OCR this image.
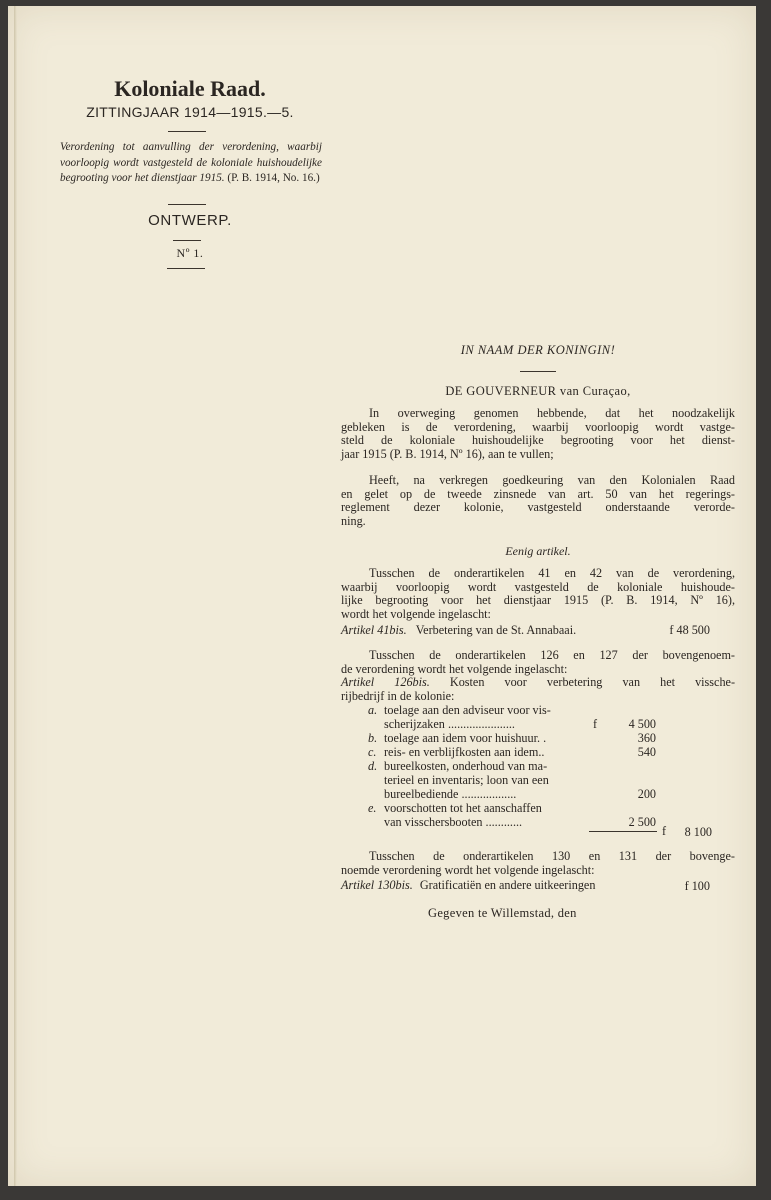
Koloniale Raad.
ZITTINGJAAR 1914—1915.—5.
Verordening tot aanvulling der verordening, waarbij voorloopig wordt vastgesteld de koloniale huishoudelijke begrooting voor het dienstjaar 1915. (P. B. 1914, No. 16.)
ONTWERP.
Nº 1.
IN NAAM DER KONINGIN!
DE GOUVERNEUR van Curaçao,
In overweging genomen hebbende, dat het noodzakelijk
gebleken is de verordening, waarbij voorloopig wordt vastge-
steld de koloniale huishoudelijke begrooting voor het dienst-
jaar 1915 (P. B. 1914, Nº 16), aan te vullen;
Heeft, na verkregen goedkeuring van den Kolonialen Raad
en gelet op de tweede zinsnede van art. 50 van het regerings-
reglement dezer kolonie, vastgesteld onderstaande verorde-
ning.
Eenig artikel.
Tusschen de onderartikelen 41 en 42 van de verordening,
waarbij voorloopig wordt vastgesteld de koloniale huishoude-
lijke begrooting voor het dienstjaar 1915 (P. B. 1914, Nº 16),
wordt het volgende ingelascht:
Artikel 41bis. Verbetering van de St. Annabaai.	f 48 500
Tusschen de onderartikelen 126 en 127 der bovengenoem-
de verordening wordt het volgende ingelascht:
Artikel 126bis. Kosten voor verbetering van het vissche-
rijbedrijf in de kolonie:
a. toelage aan den adviseur voor vis-
scherijzaken ......................	f	4 500
b. toelage aan idem voor huishuur. .	360
c. reis- en verblijfkosten aan idem..	540
d. bureelkosten, onderhoud van ma-
terieel en inventaris; loon van een
bureelbediende ..................	200
e. voorschotten tot het aanschaffen
van visschersbooten ............	2 500
f	8 100
Tusschen de onderartikelen 130 en 131 der bovenge-
noemde verordening wordt het volgende ingelascht:
Artikel 130bis. Gratificatiën en andere uitkeeringen	f 100
Gegeven te Willemstad, den
